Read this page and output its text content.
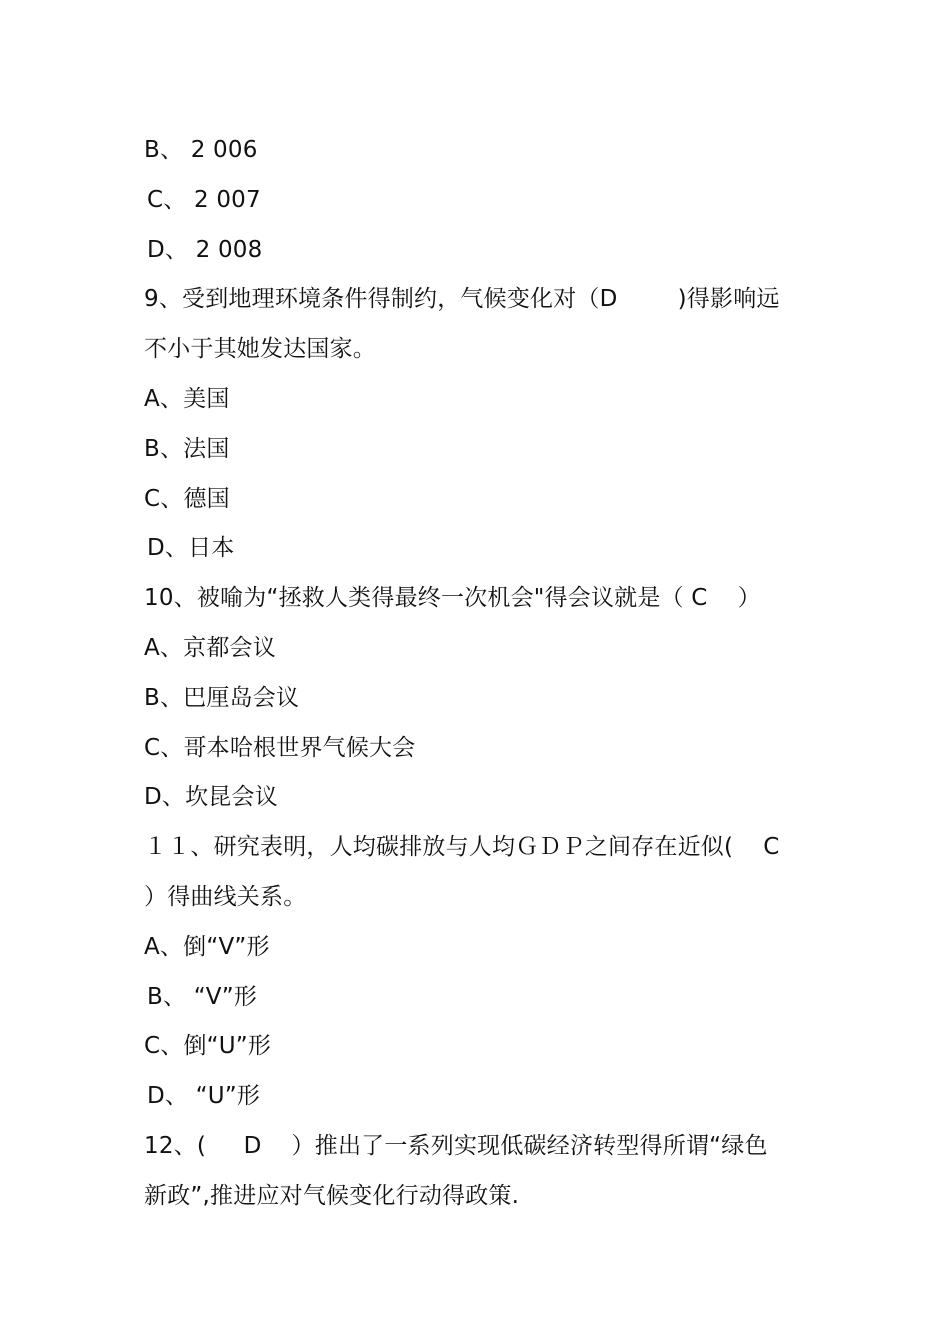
B、 2 006
C、 2 007
D、 2 008
9、受到地理环境条件得制约，气候变化对（D        )得影响远
不小于其她发达国家。
A、美国
B、法国
C、德国
D、日本
10、被喻为“拯救人类得最终一次机会"得会议就是（ C    ）
A、京都会议
B、巴厘岛会议
C、哥本哈根世界气候大会
D、坎昆会议
１１、研究表明，人均碳排放与人均ＧＤＰ之间存在近似(    C
）得曲线关系。
A、倒“V”形
B、 “V”形
C、倒“U”形
D、 “U”形
12、(     D    ）推出了一系列实现低碳经济转型得所谓“绿色
新政”,推进应对气候变化行动得政策.
